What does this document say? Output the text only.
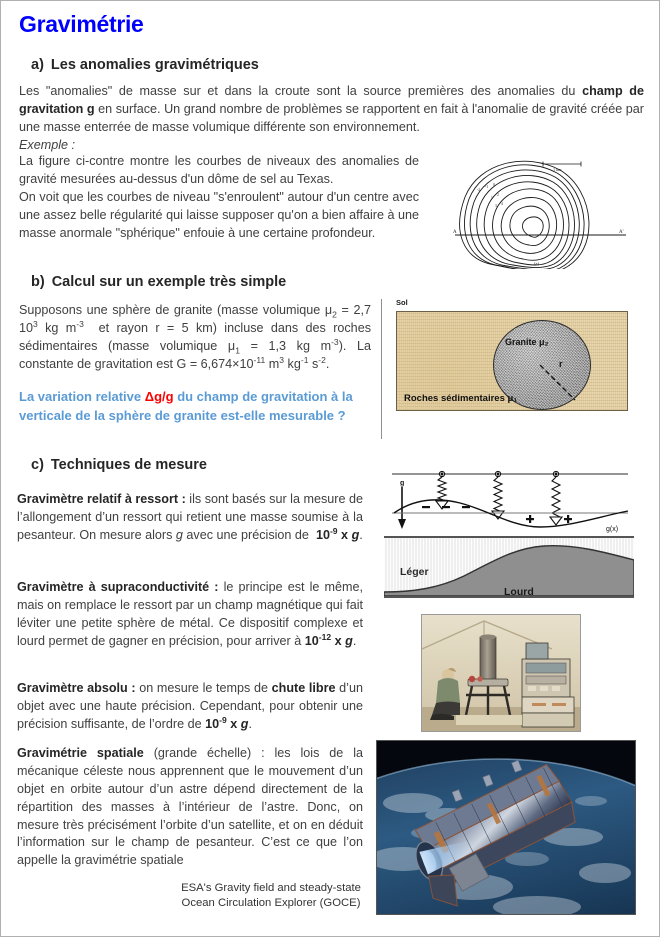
Gravimétrie
a) Les anomalies gravimétriques
Les "anomalies" de masse sur et dans la croute sont la source premières des anomalies du champ de gravitation g en surface. Un grand nombre de problèmes se rapportent en fait à l'anomalie de gravité créée par une masse enterrée de masse volumique différente son environnement.
Exemple :
La figure ci-contre montre les courbes de niveaux des anomalies de gravité mesurées au-dessus d'un dôme de sel au Texas.
On voit que les courbes de niveau "s'enroulent" autour d'un centre avec une assez belle régularité qui laisse supposer qu'on a bien affaire à une masse anormale "sphérique" enfouie à une certaine profondeur.	A	A'
-2
-1 0
1
2
3 4
1 km
(a)
b) Calcul sur un exemple très simple
Supposons une sphère de granite (masse volumique $\mu_2 = 2,7$ $10^3$ kg $m^{-3}$  et rayon r = 5 km) incluse dans des roches sédimentaires (masse volumique $\mu_1 = 1,3$ kg $m^{-3}$). La constante de gravitation est $G = 6,674\times 10^{-11}$ $m^3$ $kg^{-1}$ $s^{-2}$.
La variation relative Δg/g du champ de gravitation à la verticale de la sphère de granite est-elle mesurable ?
Sol
Granite μ₂
r
Roches sédimentaires μ₁
c) Techniques de mesure
Gravimètre relatif à ressort : ils sont basés sur la mesure de l’allongement d’un ressort qui retient une masse soumise à la pesanteur. On mesure alors g avec une précision de  $10^{-9}$ x g.
Gravimètre à supraconductivité : le principe est le même, mais on remplace le ressort par un champ magnétique qui fait léviter une petite sphère de métal. Ce dispositif complexe et lourd permet de gagner en précision, pour arriver à $10^{-12}$ x g.
Gravimètre absolu : on mesure le temps de chute libre d’un objet avec une haute précision. Cependant, pour obtenir une précision suffisante, de l’ordre de $10^{-9}$ x g.
Gravimétrie spatiale (grande échelle) : les lois de la mécanique céleste nous apprennent que le mouvement d’un objet en orbite autour d’un astre dépend directement de la répartition des masses à l’intérieur de l’astre. Donc, on mesure très précisément l’orbite d’un satellite, et on en déduit l’information sur le champ de pesanteur. C’est ce que l’on appelle la gravimétrie spatiale
g
g(x)
Léger
Lourd
ESA's Gravity field and steady-state
Ocean Circulation Explorer (GOCE)
